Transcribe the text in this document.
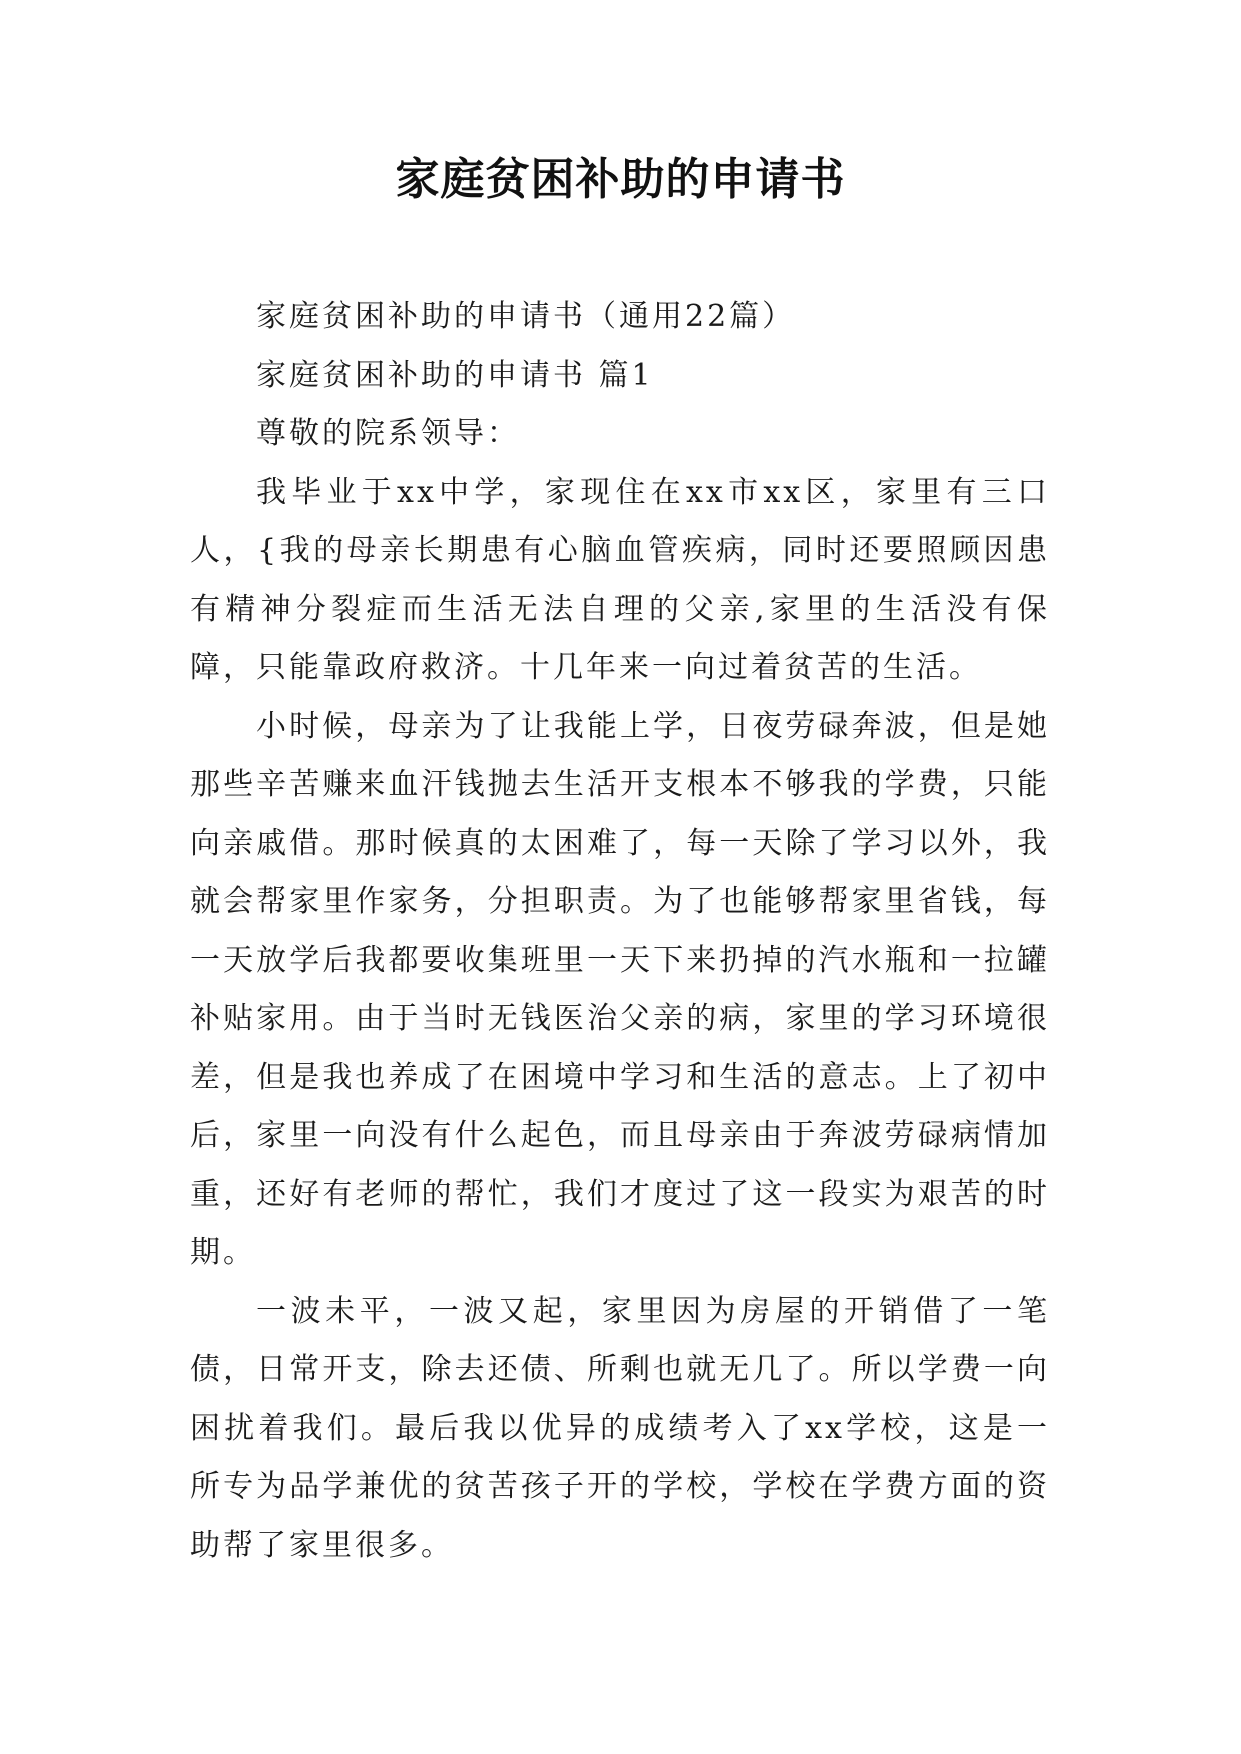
家庭贫困补助的申请书

家庭贫困补助的申请书（通用22篇）

家庭贫困补助的申请书 篇1

尊敬的院系领导：

我毕业于xx中学，家现住在xx市xx区，家里有三口人，{我的母亲长期患有心脑血管疾病，同时还要照顾因患有精神分裂症而生活无法自理的父亲,家里的生活没有保障，只能靠政府救济。十几年来一向过着贫苦的生活。

小时候，母亲为了让我能上学，日夜劳碌奔波，但是她那些辛苦赚来血汗钱抛去生活开支根本不够我的学费，只能向亲戚借。那时候真的太困难了，每一天除了学习以外，我就会帮家里作家务，分担职责。为了也能够帮家里省钱，每一天放学后我都要收集班里一天下来扔掉的汽水瓶和一拉罐补贴家用。由于当时无钱医治父亲的病，家里的学习环境很差，但是我也养成了在困境中学习和生活的意志。上了初中后，家里一向没有什么起色，而且母亲由于奔波劳碌病情加重，还好有老师的帮忙，我们才度过了这一段实为艰苦的时期。

一波未平，一波又起，家里因为房屋的开销借了一笔债，日常开支，除去还债、所剩也就无几了。所以学费一向困扰着我们。最后我以优异的成绩考入了xx学校，这是一所专为品学兼优的贫苦孩子开的学校，学校在学费方面的资助帮了家里很多。
